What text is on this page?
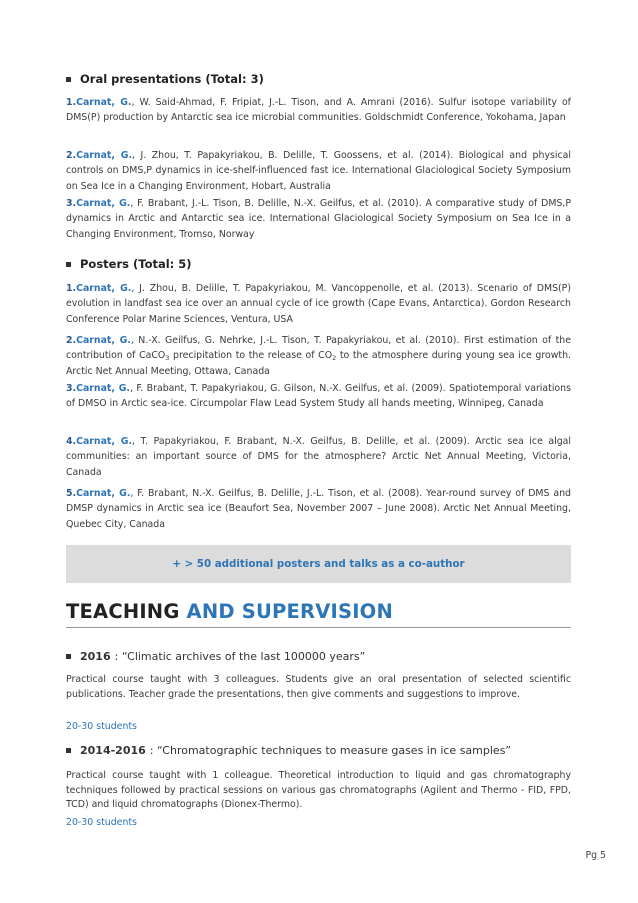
Oral presentations (Total: 3)
1.Carnat, G., W. Said-Ahmad, F. Fripiat, J.-L. Tison, and A. Amrani (2016). Sulfur isotope variability of DMS(P) production by Antarctic sea ice microbial communities. Goldschmidt Conference, Yokohama, Japan
2.Carnat, G., J. Zhou, T. Papakyriakou, B. Delille, T. Goossens, et al. (2014). Biological and physical controls on DMS,P dynamics in ice-shelf-influenced fast ice. International Glaciological Society Symposium on Sea Ice in a Changing Environment, Hobart, Australia
3.Carnat, G., F. Brabant, J.-L. Tison, B. Delille, N.-X. Geilfus, et al. (2010). A comparative study of DMS,P dynamics in Arctic and Antarctic sea ice. International Glaciological Society Symposium on Sea Ice in a Changing Environment, Tromso, Norway
Posters (Total: 5)
1.Carnat, G., J. Zhou, B. Delille, T. Papakyriakou, M. Vancoppenolle, et al. (2013). Scenario of DMS(P) evolution in landfast sea ice over an annual cycle of ice growth (Cape Evans, Antarctica). Gordon Research Conference Polar Marine Sciences, Ventura, USA
2.Carnat, G., N.-X. Geilfus, G. Nehrke, J.-L. Tison, T. Papakyriakou, et al. (2010). First estimation of the contribution of CaCO$_3$ precipitation to the release of $CO_2$ to the atmosphere during young sea ice growth. Arctic Net Annual Meeting, Ottawa, Canada
3.Carnat, G., F. Brabant, T. Papakyriakou, G. Gilson, N.-X. Geilfus, et al. (2009). Spatiotemporal variations of DMSO in Arctic sea-ice. Circumpolar Flaw Lead System Study all hands meeting, Winnipeg, Canada
4.Carnat, G., T. Papakyriakou, F. Brabant, N.-X. Geilfus, B. Delille, et al. (2009). Arctic sea ice algal communities: an important source of DMS for the atmosphere? Arctic Net Annual Meeting, Victoria, Canada
5.Carnat, G., F. Brabant, N.-X. Geilfus, B. Delille, J.-L. Tison, et al. (2008). Year-round survey of DMS and DMSP dynamics in Arctic sea ice (Beaufort Sea, November 2007 – June 2008). Arctic Net Annual Meeting, Quebec City, Canada
+ > 50 additional posters and talks as a co-author
TEACHING AND SUPERVISION
2016 : “Climatic archives of the last 100000 years”
Practical course taught with 3 colleagues. Students give an oral presentation of selected scientific publications. Teacher grade the presentations, then give comments and suggestions to improve.
20-30 students
2014-2016 : “Chromatographic techniques to measure gases in ice samples”
Practical course taught with 1 colleague. Theoretical introduction to liquid and gas chromatography techniques followed by practical sessions on various gas chromatographs (Agilent and Thermo - FID, FPD, TCD) and liquid chromatographs (Dionex-Thermo).
20-30 students
Pg 5
